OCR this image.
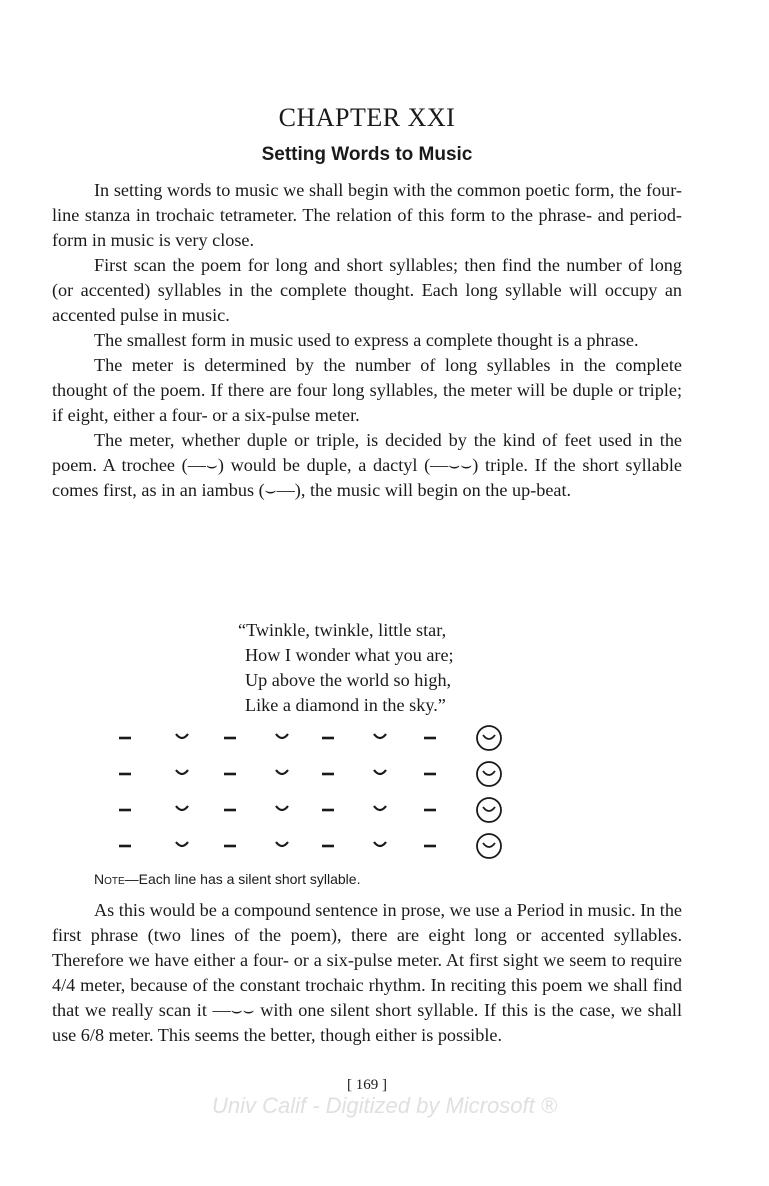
CHAPTER XXI
Setting Words to Music

In setting words to music we shall begin with the common poetic form, the four-line stanza in trochaic tetrameter. The relation of this form to the phrase- and period-form in music is very close.

First scan the poem for long and short syllables; then find the number of long (or accented) syllables in the complete thought. Each long syllable will occupy an accented pulse in music.

The smallest form in music used to express a complete thought is a phrase.

The meter is determined by the number of long syllables in the complete thought of the poem. If there are four long syllables, the meter will be duple or triple; if eight, either a four- or a six-pulse meter.

The meter, whether duple or triple, is decided by the kind of feet used in the poem. A trochee (—⌣) would be duple, a dactyl (—⌣⌣) triple. If the short syllable comes first, as in an iambus (⌣—), the music will begin on the up-beat.

“Twinkle, twinkle, little star,
How I wonder what you are;
Up above the world so high,
Like a diamond in the sky.”
Note—Each line has a silent short syllable.

As this would be a compound sentence in prose, we use a Period in music. In the first phrase (two lines of the poem), there are eight long or accented syllables. Therefore we have either a four- or a six-pulse meter. At first sight we seem to require 4/4 meter, because of the constant trochaic rhythm. In reciting this poem we shall find that we really scan it —⌣⌣ with one silent short syllable. If this is the case, we shall use 6/8 meter. This seems the better, though either is possible.

[ 169 ]
Univ Calif - Digitized by Microsoft ®
